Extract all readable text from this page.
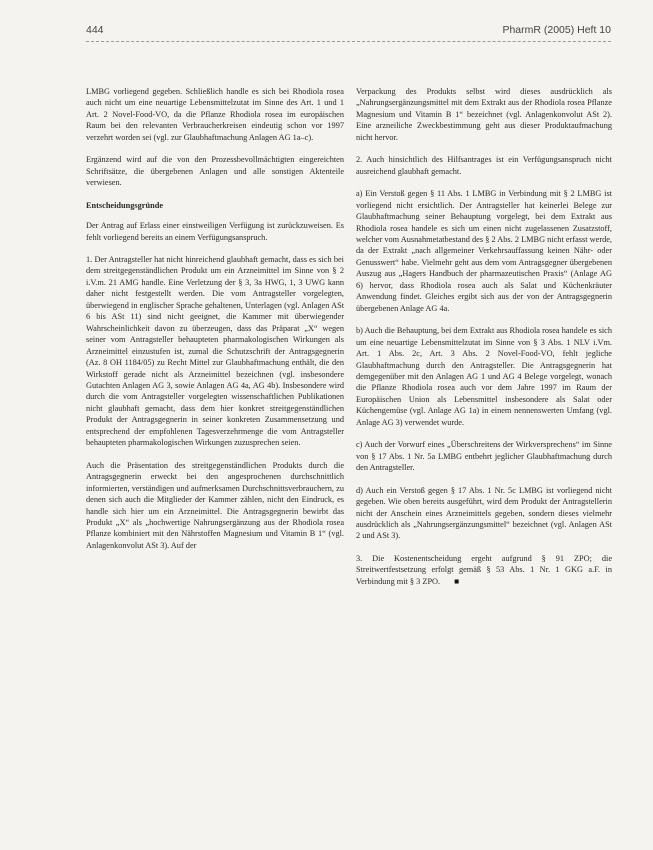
444	PharmR (2005) Heft 10

LMBG vorliegend gegeben. Schließlich handle es sich bei Rhodiola rosea auch nicht um eine neuartige Lebensmittelzutat im Sinne des Art. 1 und 1 Art. 2 Novel-Food-VO, da die Pflanze Rhodiola rosea im europäischen Raum bei den relevanten Verbraucherkreisen eindeutig schon vor 1997 verzehrt worden sei (vgl. zur Glaubhaftmachung Anlagen AG 1a–c).

Ergänzend wird auf die von den Prozessbevollmächtigten eingereichten Schriftsätze, die übergebenen Anlagen und alle sonstigen Aktenteile verwiesen.

Entscheidungsgründe

Der Antrag auf Erlass einer einstweiligen Verfügung ist zurückzuweisen. Es fehlt vorliegend bereits an einem Verfügungsanspruch.

1. Der Antragsteller hat nicht hinreichend glaubhaft gemacht, dass es sich bei dem streitgegenständlichen Produkt um ein Arzneimittel im Sinne von § 2 i.V.m. 21 AMG handle. Eine Verletzung der § 3, 3a HWG, 1, 3 UWG kann daher nicht festgestellt werden. Die vom Antragsteller vorgelegten, überwiegend in englischer Sprache gehaltenen, Unterlagen (vgl. Anlagen ASt 6 bis ASt 11) sind nicht geeignet, die Kammer mit überwiegender Wahrscheinlichkeit davon zu überzeugen, dass das Präparat „X“ wegen seiner vom Antragsteller behaupteten pharmakologischen Wirkungen als Arzneimittel einzustufen ist, zumal die Schutzschrift der Antragsgegnerin (Az. 8 OH 1184/05) zu Recht Mittel zur Glaubhaftmachung enthält, die den Wirkstoff gerade nicht als Arzneimittel bezeichnen (vgl. insbesondere Gutachten Anlagen AG 3, sowie Anlagen AG 4a, AG 4b). Insbesondere wird durch die vom Antragsteller vorgelegten wissenschaftlichen Publikationen nicht glaubhaft gemacht, dass dem hier konkret streitgegenständlichen Produkt der Antragsgegnerin in seiner konkreten Zusammensetzung und entsprechend der empfohlenen Tagesverzehrmenge die vom Antragsteller behaupteten pharmakologischen Wirkungen zuzusprechen seien.

Auch die Präsentation des streitgegenständlichen Produkts durch die Antragsgegnerin erweckt bei den angesprochenen durchschnittlich informierten, verständigen und aufmerksamen Durchschnittsverbrauchern, zu denen sich auch die Mitglieder der Kammer zählen, nicht den Eindruck, es handle sich hier um ein Arzneimittel. Die Antragsgegnerin bewirbt das Produkt „X“ als „hochwertige Nahrungsergänzung aus der Rhodiola rosea Pflanze kombiniert mit den Nährstoffen Magnesium und Vitamin B 1“ (vgl. Anlagenkonvolut ASt 3). Auf der

Verpackung des Produkts selbst wird dieses ausdrücklich als „Nahrungsergänzungsmittel mit dem Extrakt aus der Rhodiola rosea Pflanze Magnesium und Vitamin B 1“ bezeichnet (vgl. Anlagenkonvolut ASt 2). Eine arzneiliche Zweckbestimmung geht aus dieser Produktaufmachung nicht hervor.

2. Auch hinsichtlich des Hilfsantrages ist ein Verfügungsanspruch nicht ausreichend glaubhaft gemacht.

a) Ein Verstoß gegen § 11 Abs. 1 LMBG in Verbindung mit § 2 LMBG ist vorliegend nicht ersichtlich. Der Antragsteller hat keinerlei Belege zur Glaubhaftmachung seiner Behauptung vorgelegt, bei dem Extrakt aus Rhodiola rosea handele es sich um einen nicht zugelassenen Zusatzstoff, welcher vom Ausnahmetatbestand des § 2 Abs. 2 LMBG nicht erfasst werde, da der Extrakt „nach allgemeiner Verkehrsauffassung keinen Nähr- oder Genusswert“ habe. Vielmehr geht aus dem vom Antragsgegner übergebenen Auszug aus „Hagers Handbuch der pharmazeutischen Praxis“ (Anlage AG 6) hervor, dass Rhodiola rosea auch als Salat und Küchenkräuter Anwendung findet. Gleiches ergibt sich aus der von der Antragsgegnerin übergebenen Anlage AG 4a.

b) Auch die Behauptung, bei dem Extrakt aus Rhodiola rosea handele es sich um eine neuartige Lebensmittelzutat im Sinne von § 3 Abs. 1 NLV i.Vm. Art. 1 Abs. 2c, Art. 3 Abs. 2 Novel-Food-VO, fehlt jegliche Glaubhaftmachung durch den Antragsteller. Die Antragsgegnerin hat demgegenüber mit den Anlagen AG 1 und AG 4 Belege vorgelegt, wonach die Pflanze Rhodiola rosea auch vor dem Jahre 1997 im Raum der Europäischen Union als Lebensmittel insbesondere als Salat oder Küchengemüse (vgl. Anlage AG 1a) in einem nennenswerten Umfang (vgl. Anlage AG 3) verwendet wurde.

c) Auch der Vorwurf eines „Überschreitens der Wirkversprechens“ im Sinne von § 17 Abs. 1 Nr. 5a LMBG entbehrt jeglicher Glaubhaftmachung durch den Antragsteller.

d) Auch ein Verstoß gegen § 17 Abs. 1 Nr. 5c LMBG ist vorliegend nicht gegeben. Wie oben bereits ausgeführt, wird dem Produkt der Antragstellerin nicht der Anschein eines Arzneimittels gegeben, sondern dieses vielmehr ausdrücklich als „Nahrungsergänzungsmittel“ bezeichnet (vgl. Anlagen ASt 2 und ASt 3).

3. Die Kostenentscheidung ergeht aufgrund § 91 ZPO; die Streitwertfestsetzung erfolgt gemäß § 53 Abs. 1 Nr. 1 GKG a.F. in Verbindung mit § 3 ZPO. ■
